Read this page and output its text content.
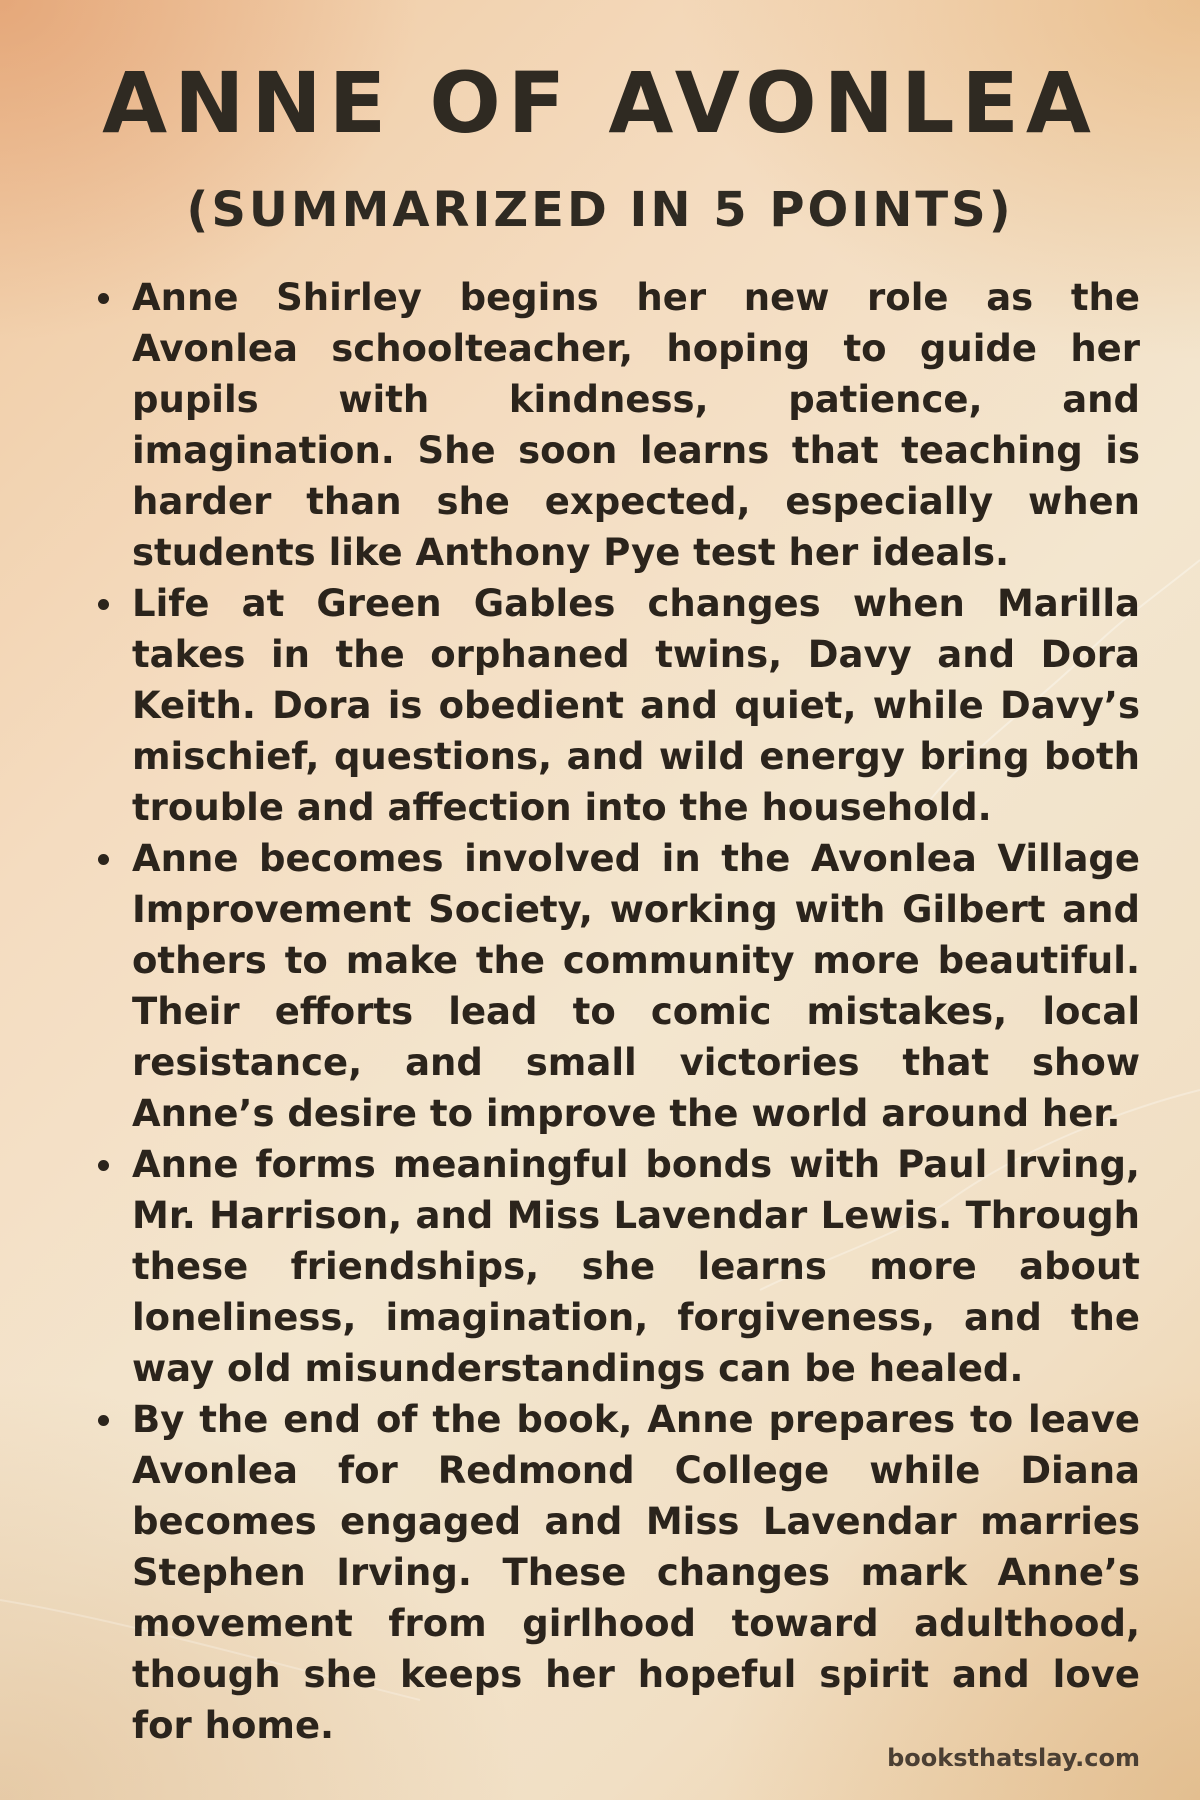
ANNE OF AVONLEA
(SUMMARIZED IN 5 POINTS)
Anne Shirley begins her new role as the Avonlea schoolteacher, hoping to guide her pupils with kindness, patience, and imagination. She soon learns that teaching is harder than she expected, especially when students like Anthony Pye test her ideals.
Life at Green Gables changes when Marilla takes in the orphaned twins, Davy and Dora Keith. Dora is obedient and quiet, while Davy’s mischief, questions, and wild energy bring both trouble and affection into the household.
Anne becomes involved in the Avonlea Village Improvement Society, working with Gilbert and others to make the community more beautiful. Their efforts lead to comic mistakes, local resistance, and small victories that show Anne’s desire to improve the world around her.
Anne forms meaningful bonds with Paul Irving, Mr. Harrison, and Miss Lavendar Lewis. Through these friendships, she learns more about loneliness, imagination, forgiveness, and the way old misunderstandings can be healed.
By the end of the book, Anne prepares to leave Avonlea for Redmond College while Diana becomes engaged and Miss Lavendar marries Stephen Irving. These changes mark Anne’s movement from girlhood toward adulthood, though she keeps her hopeful spirit and love for home.
booksthatslay.com
